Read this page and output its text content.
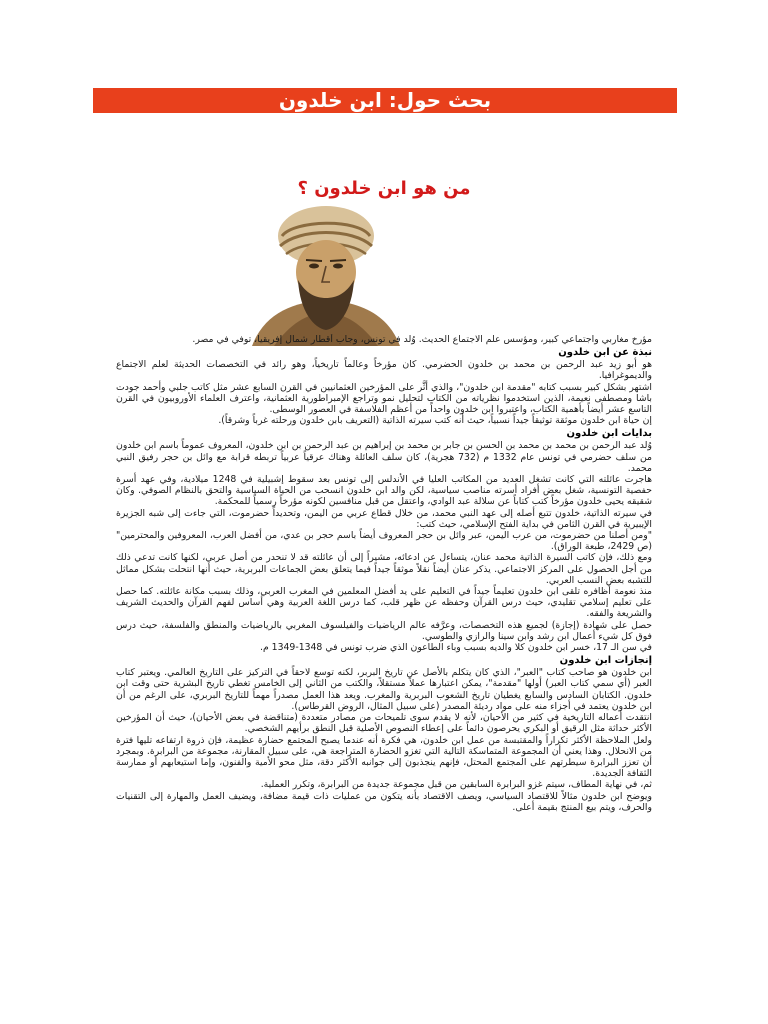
بحث حول: ابن خلدون
من هو ابن خلدون ؟

مؤرخ مغاربي واجتماعي كبير، ومؤسس علم الاجتماع الحديث. وُلد في تونس، وجاب أقطار شمال إفريقيا، توفي في مصر.

نبذة عن ابن خلدون

هو أبو زيد عبد الرحمن بن محمد بن خلدون الحضرمي. كان مؤرخاً وعالماً تاريخياً، وهو رائد في التخصصات الحديثة لعلم الاجتماع والديموغرافيا.

اشتهر بشكل كبير بسبب كتابه "مقدمة ابن خلدون"، والذي أثَّر على المؤرخين العثمانيين في القرن السابع عشر مثل كاتب جلبي وأحمد جودت باشا ومصطفى نعيمة، الذين استخدموا نظرياته من الكتاب لتحليل نمو وتراجع الإمبراطورية العثمانية، واعترف العلماء الأوروبيون في القرن التاسع عشر أيضاً بأهمية الكتاب، واعتبروا ابن خلدون واحداً من أعظم الفلاسفة في العصور الوسطى.

إن حياة ابن خلدون موثقة توثيقاً جيداً نسبياً، حيث أنه كتب سيرته الذاتية (التعريف بابن خلدون ورحلته غرباً وشرقاً).

بدايات ابن خلدون

وُلد عبد الرحمن بن محمد بن محمد بن الحسن بن جابر بن محمد بن إبراهيم بن عبد الرحمن بن ابن خلدون، المعروف عموماً باسم ابن خلدون من سلف حضرمي في تونس عام 1332 م (732 هجرية)، كان سلف العائلة وهناك عرقياً عربياً تربطه قرابة مع وائل بن حجر رفيق النبي محمد.

هاجرت عائلته التي كانت تشغل العديد من المكاتب العليا في الأندلس إلى تونس بعد سقوط إشبيلية في 1248 ميلادية، وفي عهد أسرة حفصية التونسية، شغل بعض أفراد أسرته مناصب سياسية، لكن والد ابن خلدون انسحب من الحياة السياسية والتحق بالنظام الصوفي. وكان شقيقه يحيى خلدون مؤرخاً كتب كتاباً عن سلالة عبد الوادي، واعتقل من قبل منافسين لكونه مؤرخاً رسمياً للمحكمة.

في سيرته الذاتية، خلدون تتبع أصله إلى عهد النبي محمد، من خلال قطاع عربي من اليمن، وتحديداً حضرموت، التي جاءت إلى شبه الجزيرة الإيبيرية في القرن الثامن في بداية الفتح الإسلامي، حيث كتب:

"ومن أصلنا من حضرموت، من عرب اليمن، عبر وائل بن حجر المعروف أيضاً باسم حجر بن عدي، من أفضل العرب، المعروفين والمحترمين" (ص 2429، طبعة الوراق).

ومع ذلك، فإن كاتب السيرة الذاتية محمد عنان، يتساءل عن ادعائه، مشيراً إلى أن عائلته قد لا تنحدر من أصل عربي، لكنها كانت تدعي ذلك من أجل الحصول على المركز الاجتماعي. يذكر عنان أيضاً نقلاً موثقاً جيداً فيما يتعلق بعض الجماعات البربرية، حيث أنها انتحلت بشكل مماثل للتشبه بعض النسب العربي.

منذ نعومة أظافره تلقى ابن خلدون تعليماً جيداً في التعليم على يد أفضل المعلمين في المغرب العربي، وذلك بسبب مكانة عائلته. كما حصل على تعليم إسلامي تقليدي، حيث درس القرآن وحفظه عن ظهر قلب، كما درس اللغة العربية وهي أساس لفهم القرآن والحديث الشريف والشريعة والفقه.

حصل على شهادة (إجازة) لجميع هذه التخصصات، وعرَّفه عالم الرياضيات والفيلسوف المغربي بالرياضيات والمنطق والفلسفة، حيث درس فوق كل شيء أعمال ابن رشد وابن سينا والرازي والطوسي.

في سن الـ 17، خسر ابن خلدون كلا والديه بسبب وباء الطاعون الذي ضرب تونس في 1348-1349 م.

إنجازات ابن خلدون

ابن خلدون هو صاحب كتاب "العبر"، الذي كان يتكلم بالأصل عن تاريخ البربر، لكنه توسع لاحقاً في التركيز على التاريخ العالمي. ويعتبر كتاب العبر (أي سمي كتاب العبر) أولها "مقدمة"، يمكن اعتبارها عملاً مستقلاً، والكتب من الثاني إلى الخامس تغطي تاريخ البشرية حتى وقت ابن خلدون. الكتابان السادس والسابع يغطيان تاريخ الشعوب البربرية والمغرب. ويعد هذا العمل مصدراً مهماً للتاريخ البربري، على الرغم من أن ابن خلدون يعتمد في أجزاء منه على مواد رديئة المصدر (على سبيل المثال، الروض القرطاس).

انتقدت أعماله التاريخية في كثير من الأحيان، لأنه لا يقدم سوى تلميحات من مصادر متعددة (متناقضة في بعض الأحيان)، حيث أن المؤرخين الأكثر حداثة مثل الرقيق أو البكري يحرصون دائماً على إعطاء النصوص الأصلية قبل النطق برأيهم الشخصي.

ولعل الملاحظة الأكثر تكراراً والمقتبسة من عمل ابن خلدون، هي فكرة أنه عندما يصبح المجتمع حضارة عظيمة، فإن ذروة ارتفاعه تليها فترة من الانحلال. وهذا يعني أن المجموعة المتماسكة التالية التي تغزو الحضارة المتراجعة هي، على سبيل المقارنة، مجموعة من البرابرة. وبمجرد أن تعزز البرابرة سيطرتهم على المجتمع المحتل، فإنهم ينجذبون إلى جوانبه الأكثر دقة، مثل محو الأمية والفنون، وإما استيعابهم أو ممارسة الثقافة الجديدة.

ثم، في نهاية المطاف، سيتم غزو البرابرة السابقين من قبل مجموعة جديدة من البرابرة، وتكرر العملية.

ويوضح ابن خلدون مثالاً للاقتصاد السياسي، ويصف الاقتصاد بأنه يتكون من عمليات ذات قيمة مضافة، ويضيف العمل والمهارة إلى التقنيات والحرف، ويتم بيع المنتج بقيمة أعلى.
